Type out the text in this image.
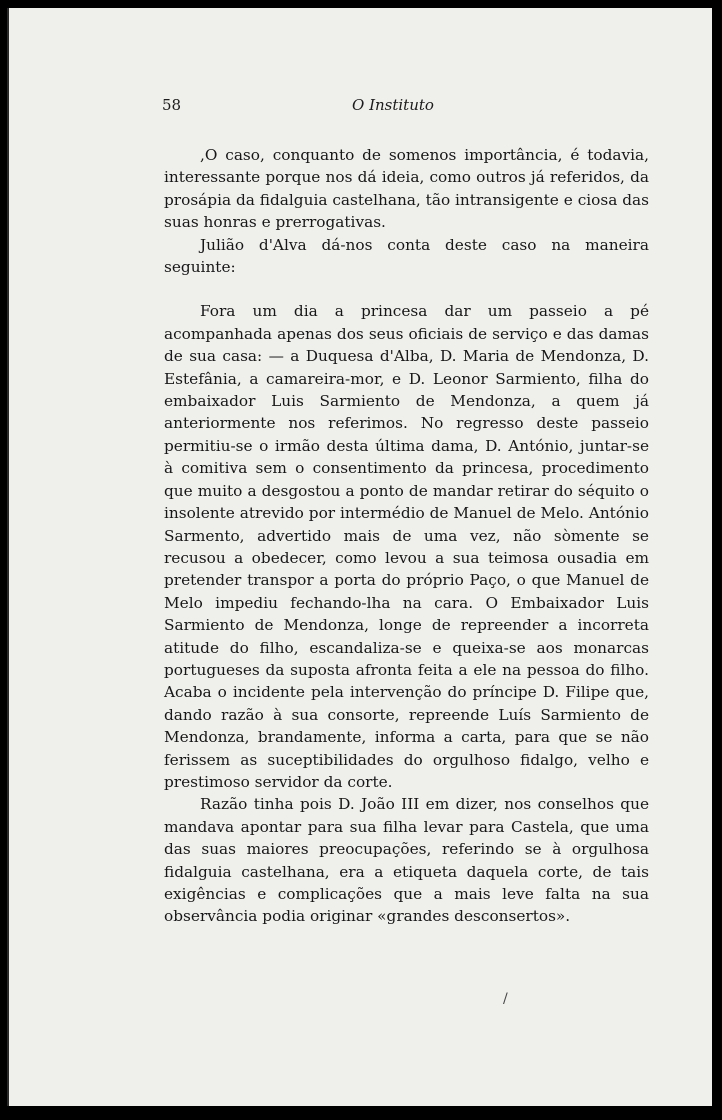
58	O Instituto

,O caso, conquanto de somenos importância, é todavia, interessante porque nos dá ideia, como outros já referidos, da prosápia da fidalguia castelhana, tão intransigente e ciosa das suas honras e prerrogativas.

Julião d'Alva dá-nos conta deste caso na maneira seguinte:

Fora um dia a princesa dar um passeio a pé acompanhada apenas dos seus oficiais de serviço e das damas de sua casa: — a Duquesa d'Alba, D. Maria de Mendonza, D. Estefânia, a camareira-mor, e D. Leonor Sarmiento, filha do embaixador Luis Sarmiento de Mendonza, a quem já anteriormente nos referimos. No regresso deste passeio permitiu-se o irmão desta última dama, D. António, juntar-se à comitiva sem o consentimento da princesa, procedimento que muito a desgostou a ponto de mandar retirar do séquito o insolente atrevido por intermédio de Manuel de Melo. António Sarmento, advertido mais de uma vez, não sòmente se recusou a obedecer, como levou a sua teimosa ousadia em pretender transpor a porta do próprio Paço, o que Manuel de Melo impediu fechando-lha na cara. O Embaixador Luis Sarmiento de Mendonza, longe de repreender a incorreta atitude do filho, escandaliza-se e queixa-se aos monarcas portugueses da suposta afronta feita a ele na pessoa do filho. Acaba o incidente pela intervenção do príncipe D. Filipe que, dando razão à sua consorte, repreende Luís Sarmiento de Mendonza, brandamente, informa a carta, para que se não ferissem as suceptibilidades do orgulhoso fidalgo, velho e prestimoso servidor da corte.

Razão tinha pois D. João III em dizer, nos conselhos que mandava apontar para sua filha levar para Castela, que uma das suas maiores preocupações, referindo se à orgulhosa fidalguia castelhana, era a etiqueta daquela corte, de tais exigências e complicações que a mais leve falta na sua observância podia originar «grandes desconsertos».

/
